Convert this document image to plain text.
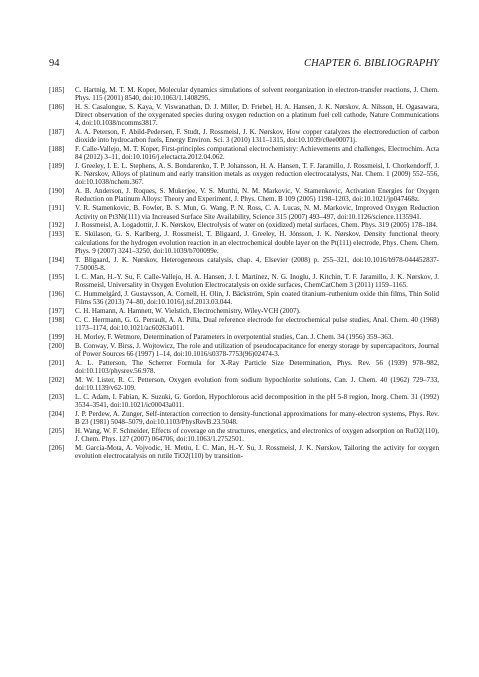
94	CHAPTER 6. BIBLIOGRAPHY
[185]	C. Hartnig, M. T. M. Koper, Molecular dynamics simulations of solvent reorganization in electron-transfer reactions, J. Chem. Phys. 115 (2001) 8540, doi:10.1063/1.1408295.
[186]	H. S. Casalongue, S. Kaya, V. Viswanathan, D. J. Miller, D. Friebel, H. A. Hansen, J. K. Nørskov, A. Nilsson, H. Ogasawara, Direct observation of the oxygenated species during oxygen reduction on a platinum fuel cell cathode, Nature Communications 4, doi:10.1038/ncomms3817.
[187]	A. A. Peterson, F. Abild-Pedersen, F. Studt, J. Rossmeisl, J. K. Nørskov, How copper catalyzes the electroreduction of carbon dioxide into hydrocarbon fuels, Energy Environ. Sci. 3 (2010) 1311–1315, doi:10.1039/c0ee00071j.
[188]	F. Calle-Vallejo, M. T. Koper, First-principles computational electrochemistry: Achievements and challenges, Electrochim. Acta 84 (2012) 3–11, doi:10.1016/j.electacta.2012.04.062.
[189]	J. Greeley, I. E. L. Stephens, A. S. Bondarenko, T. P. Johansson, H. A. Hansen, T. F. Jaramillo, J. Rossmeisl, I. Chorkendorff, J. K. Nørskov, Alloys of platinum and early transition metals as oxygen reduction electrocatalysts, Nat. Chem. 1 (2009) 552–556, doi:10.1038/nchem.367.
[190]	A. B. Anderson, J. Roques, S. Mukerjee, V. S. Murthi, N. M. Markovic, V. Stamenkovic, Activation Energies for Oxygen Reduction on Platinum Alloys: Theory and Experiment, J. Phys. Chem. B 109 (2005) 1198–1203, doi:10.1021/jp047468z.
[191]	V. R. Stamenkovic, B. Fowler, B. S. Mun, G. Wang, P. N. Ross, C. A. Lucas, N. M. Markovic, Improved Oxygen Reduction Activity on Pt3Ni(111) via Increased Surface Site Availability, Science 315 (2007) 493–497, doi:10.1126/science.1135941.
[192]	J. Rossmeisl, A. Logadottir, J. K. Nørskov, Electrolysis of water on (oxidized) metal surfaces, Chem. Phys. 319 (2005) 178–184.
[193]	E. Skúlason, G. S. Karlberg, J. Rossmeisl, T. Bligaard, J. Greeley, H. Jónsson, J. K. Nørskov, Density functional theory calculations for the hydrogen evolution reaction in an electrochemical double layer on the Pt(111) electrode, Phys. Chem. Chem. Phys. 9 (2007) 3241–3250, doi:10.1039/b700099e.
[194]	T. Bligaard, J. K. Nørskov, Heterogeneous catalysis, chap. 4, Elsevier (2008) p. 255–321, doi:10.1016/b978-044452837-7.50005-8.
[195]	I. C. Man, H.-Y. Su, F. Calle-Vallejo, H. A. Hansen, J. I. Martínez, N. G. Inoglu, J. Kitchin, T. F. Jaramillo, J. K. Nørskov, J. Rossmeisl, Universality in Oxygen Evolution Electrocatalysis on oxide surfaces, ChemCatChem 3 (2011) 1159–1165.
[196]	C. Hummelgård, J. Gustavsson, A. Cornell, H. Olin, J. Bäckström, Spin coated titanium–ruthenium oxide thin films, Thin Solid Films 536 (2013) 74–80, doi:10.1016/j.tsf.2013.03.044.
[197]	C. H. Hamann, A. Hamnett, W. Vielstich, Electrochemistry, Wiley-VCH (2007).
[198]	C. C. Herrmann, G. G. Perrault, A. A. Pilla, Dual reference electrode for electrochemical pulse studies, Anal. Chem. 40 (1968) 1173–1174, doi:10.1021/ac60263a011.
[199]	H. Morley, F. Wetmore, Determination of Parameters in overpotential studies, Can. J. Chem. 34 (1956) 359–363.
[200]	B. Conway, V. Birss, J. Wojtowicz, The role and utilization of pseudocapacitance for energy storage by supercapacitors, Journal of Power Sources 66 (1997) 1–14, doi:10.1016/s0378-7753(96)02474-3.
[201]	A. L. Patterson, The Scherrer Formula for X-Ray Particle Size Determination, Phys. Rev. 56 (1939) 978–982, doi:10.1103/physrev.56.978.
[202]	M. W. Lister, R. C. Petterson, Oxygen evolution from sodium hypochlorite solutions, Can. J. Chem. 40 (1962) 729–733, doi:10.1139/v62-109.
[203]	L. C. Adam, I. Fabian, K. Suzuki, G. Gordon, Hypochlorous acid decomposition in the pH 5-8 region, Inorg. Chem. 31 (1992) 3534–3541, doi:10.1021/ic00043a011.
[204]	J. P. Perdew, A. Zunger, Self-interaction correction to density-functional approximations for many-electron systems, Phys. Rev. B 23 (1981) 5048–5079, doi:10.1103/PhysRevB.23.5048.
[205]	H. Wang, W. F. Schneider, Effects of coverage on the structures, energetics, and electronics of oxygen adsorption on RuO2(110), J. Chem. Phys. 127 (2007) 064706, doi:10.1063/1.2752501.
[206]	M. García-Mota, A. Vojvodic, H. Metiu, I. C. Man, H.-Y. Su, J. Rossmeisl, J. K. Nørskov, Tailoring the activity for oxygen evolution electrocatalysis on rutile TiO2(110) by transition-
